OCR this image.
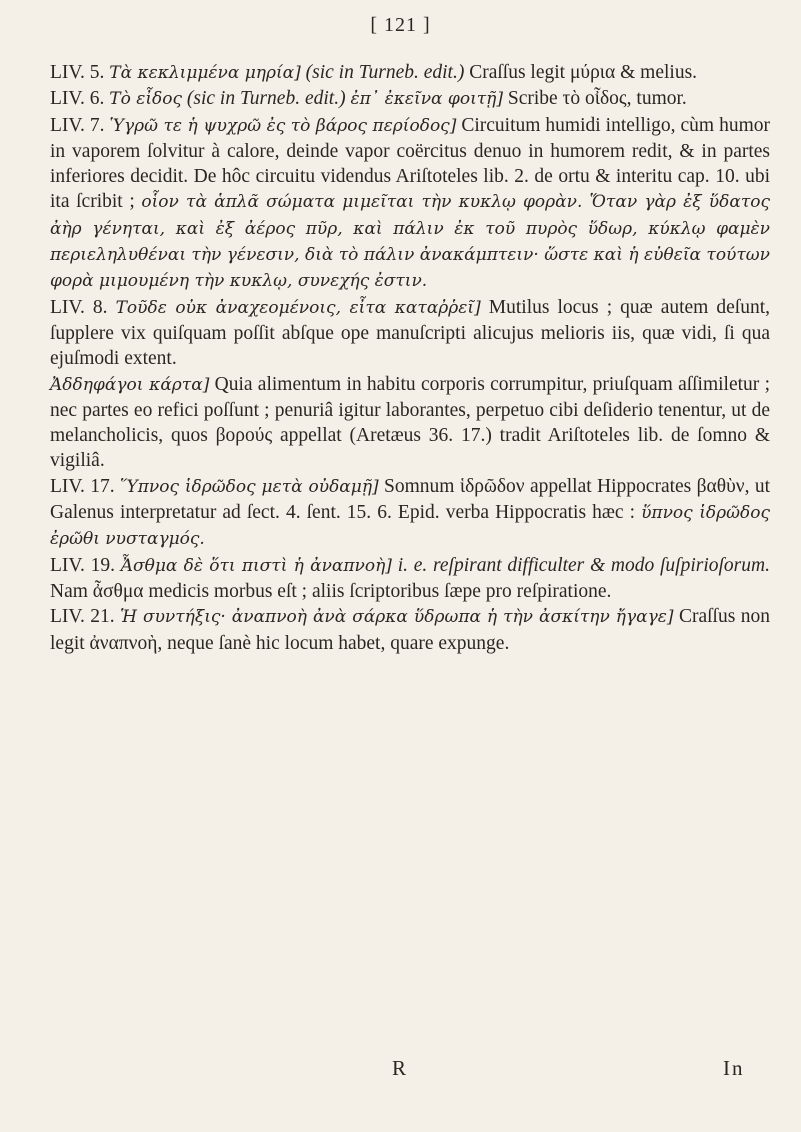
[ 121 ]
LIV. 5. Τὰ κεκλιμμένα μηρία] (sic in Turneb. edit.) Craſſus legit μύρια & melius.
LIV. 6. Τὸ εἶδος (sic in Turneb. edit.) ἐπ᾿ ἐκεῖνα φοιτῇ] Scribe τὸ οἶδος, tumor.
LIV. 7. Ὑγρῶ τε ἡ ψυχρῶ ἐς τὸ βάρος περίοδος] Circuitum humidi intelligo, cùm humor in vaporem ſolvitur à calore, deinde vapor coërcitus denuo in humorem redit, & in partes inferiores decidit. De hôc circuitu videndus Ariſtoteles lib. 2. de ortu & interitu cap. 10. ubi ita ſcribit ; οἷον τὰ ἁπλᾶ σώματα μιμεῖται τὴν κυκλῳ φορὰν. Ὅταν γὰρ ἐξ ὕδατος ἀὴρ γένηται, καὶ ἐξ ἀέρος πῦρ, καὶ πάλιν ἐκ τοῦ πυρὸς ὕδωρ, κύκλῳ φαμὲν περιεληλυθέναι τὴν γένεσιν, διὰ τὸ πάλιν ἀνακάμπτειν· ὥστε καὶ ἡ εὐθεῖα τούτων φορὰ μιμουμένη τὴν κυκλῳ, συνεχής ἐστιν.
LIV. 8. Τοῦδε οὐκ ἀναχεομένοις, εἶτα καταῤῥεῖ] Mutilus locus ; quæ autem deſunt, ſupplere vix quiſquam poſſit abſque ope manuſcripti alicujus melioris iis, quæ vidi, ſi qua ejuſmodi extent.
Ἀδδηφάγοι κάρτα] Quia alimentum in habitu corporis corrumpitur, priuſquam aſſimiletur ; nec partes eo refici poſſunt ; penuriâ igitur laborantes, perpetuo cibi deſiderio tenentur, ut de melancholicis, quos βορούς appellat (Aretæus 36. 17.) tradit Ariſtoteles lib. de ſomno & vigiliâ.
LIV. 17. Ὕπνος ἱδρῶδος μετὰ οὐδαμῇ] Somnum ἱδρῶδον appellat Hippocrates βαθὺν, ut Galenus interpretatur ad ſect. 4. ſent. 15. 6. Epid. verba Hippocratis hæc : ὕπνος ἱδρῶδος ἐρῶθι νυσταγμός.
LIV. 19. Ἆσθμα δὲ ὅτι πιστὶ ἡ ἀναπνοὴ] i. e. reſpirant difficulter & modo ſuſpirioſorum. Nam ἆσθμα medicis morbus eſt ; aliis ſcriptoribus ſæpe pro reſpiratione.
LIV. 21. Ἡ συντήξις· ἀναπνοὴ ἀνὰ σάρκα ὕδρωπα ἡ τὴν ἀσκίτην ἤγαγε] Craſſus non legit ἀναπνοὴ, neque ſanè hic locum habet, quare expunge.
R	In
